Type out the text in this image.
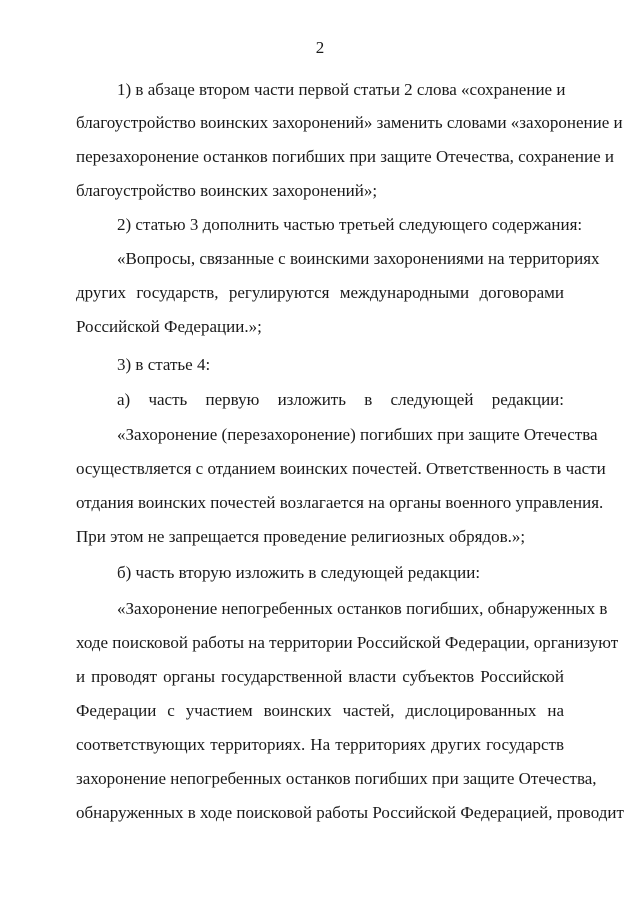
2
1) в абзаце втором части первой статьи 2 слова «сохранение и
благоустройство воинских захоронений» заменить словами «захоронение и
перезахоронение останков погибших при защите Отечества, сохранение и
благоустройство воинских захоронений»;
2) статью 3 дополнить частью третьей следующего содержания:
«Вопросы, связанные с воинскими захоронениями на территориях
других государств, регулируются международными договорами
Российской Федерации.»;
3) в статье 4:
а) часть первую изложить в следующей редакции:
«Захоронение (перезахоронение) погибших при защите Отечества
осуществляется с отданием воинских почестей. Ответственность в части
отдания воинских почестей возлагается на органы военного управления.
При этом не запрещается проведение религиозных обрядов.»;
б) часть вторую изложить в следующей редакции:
«Захоронение непогребенных останков погибших, обнаруженных в
ходе поисковой работы на территории Российской Федерации, организуют
и проводят органы государственной власти субъектов Российской
Федерации с участием воинских частей, дислоцированных на
соответствующих территориях. На территориях других государств
захоронение непогребенных останков погибших при защите Отечества,
обнаруженных в ходе поисковой работы Российской Федерацией, проводит
